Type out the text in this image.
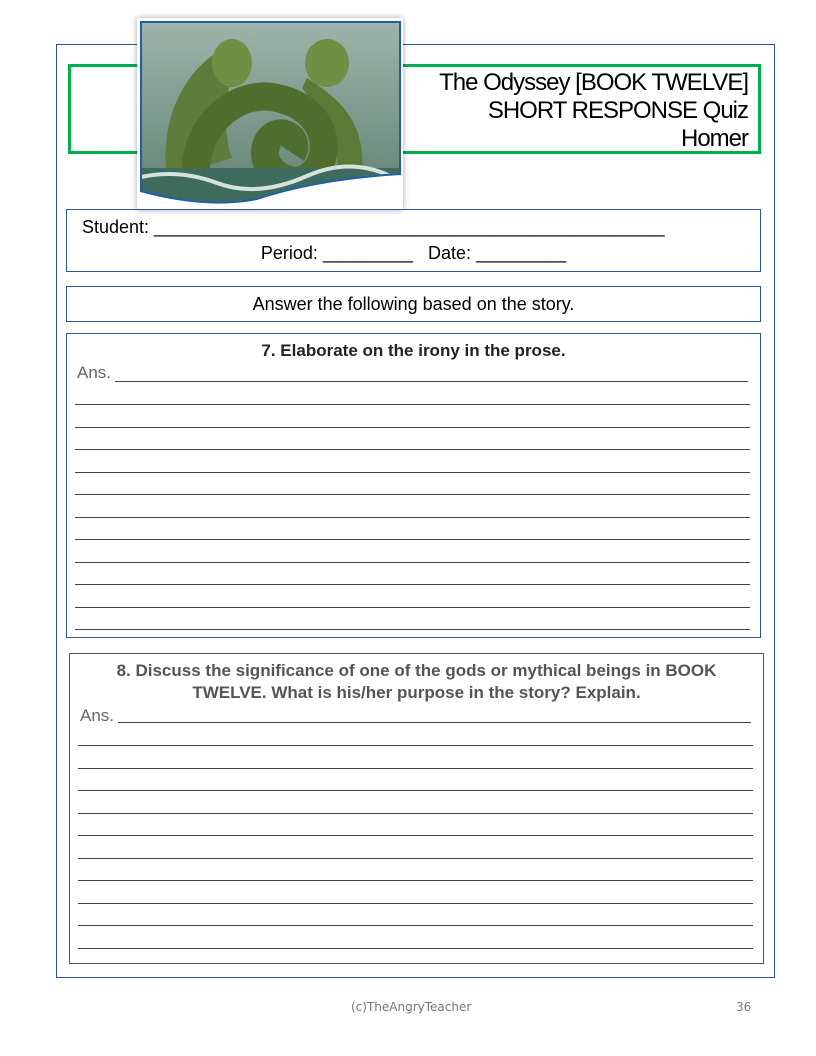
The Odyssey [BOOK TWELVE]
SHORT RESPONSE Quiz
Homer
Student: ___________________________________________________
Period: _________ Date: _________
Answer the following based on the story.
7. Elaborate on the irony in the prose.
Ans.
8. Discuss the significance of one of the gods or mythical beings in BOOK TWELVE. What is his/her purpose in the story? Explain.
Ans.
(c)TheAngryTeacher	36
